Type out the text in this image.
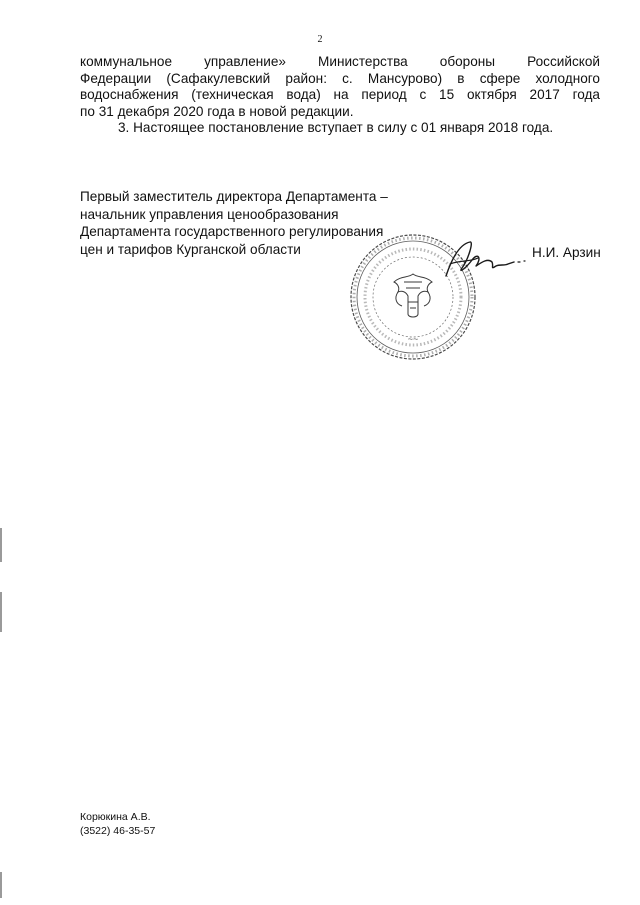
2

коммунальное управление» Министерства обороны Российской

Федерации (Сафакулевский район: с. Мансурово) в сфере холодного

водоснабжения (техническая вода) на период с 15 октября 2017 года

по 31 декабря 2020 года в новой редакции.

3. Настоящее постановление вступает в силу с 01 января 2018 года.

Первый заместитель директора Департамента –
начальник управления ценообразования
Департамента государственного регулирования
цен и тарифов Курганской области
~~
Н.И. Арзин
Корюкина А.В.
(3522) 46-35-57
